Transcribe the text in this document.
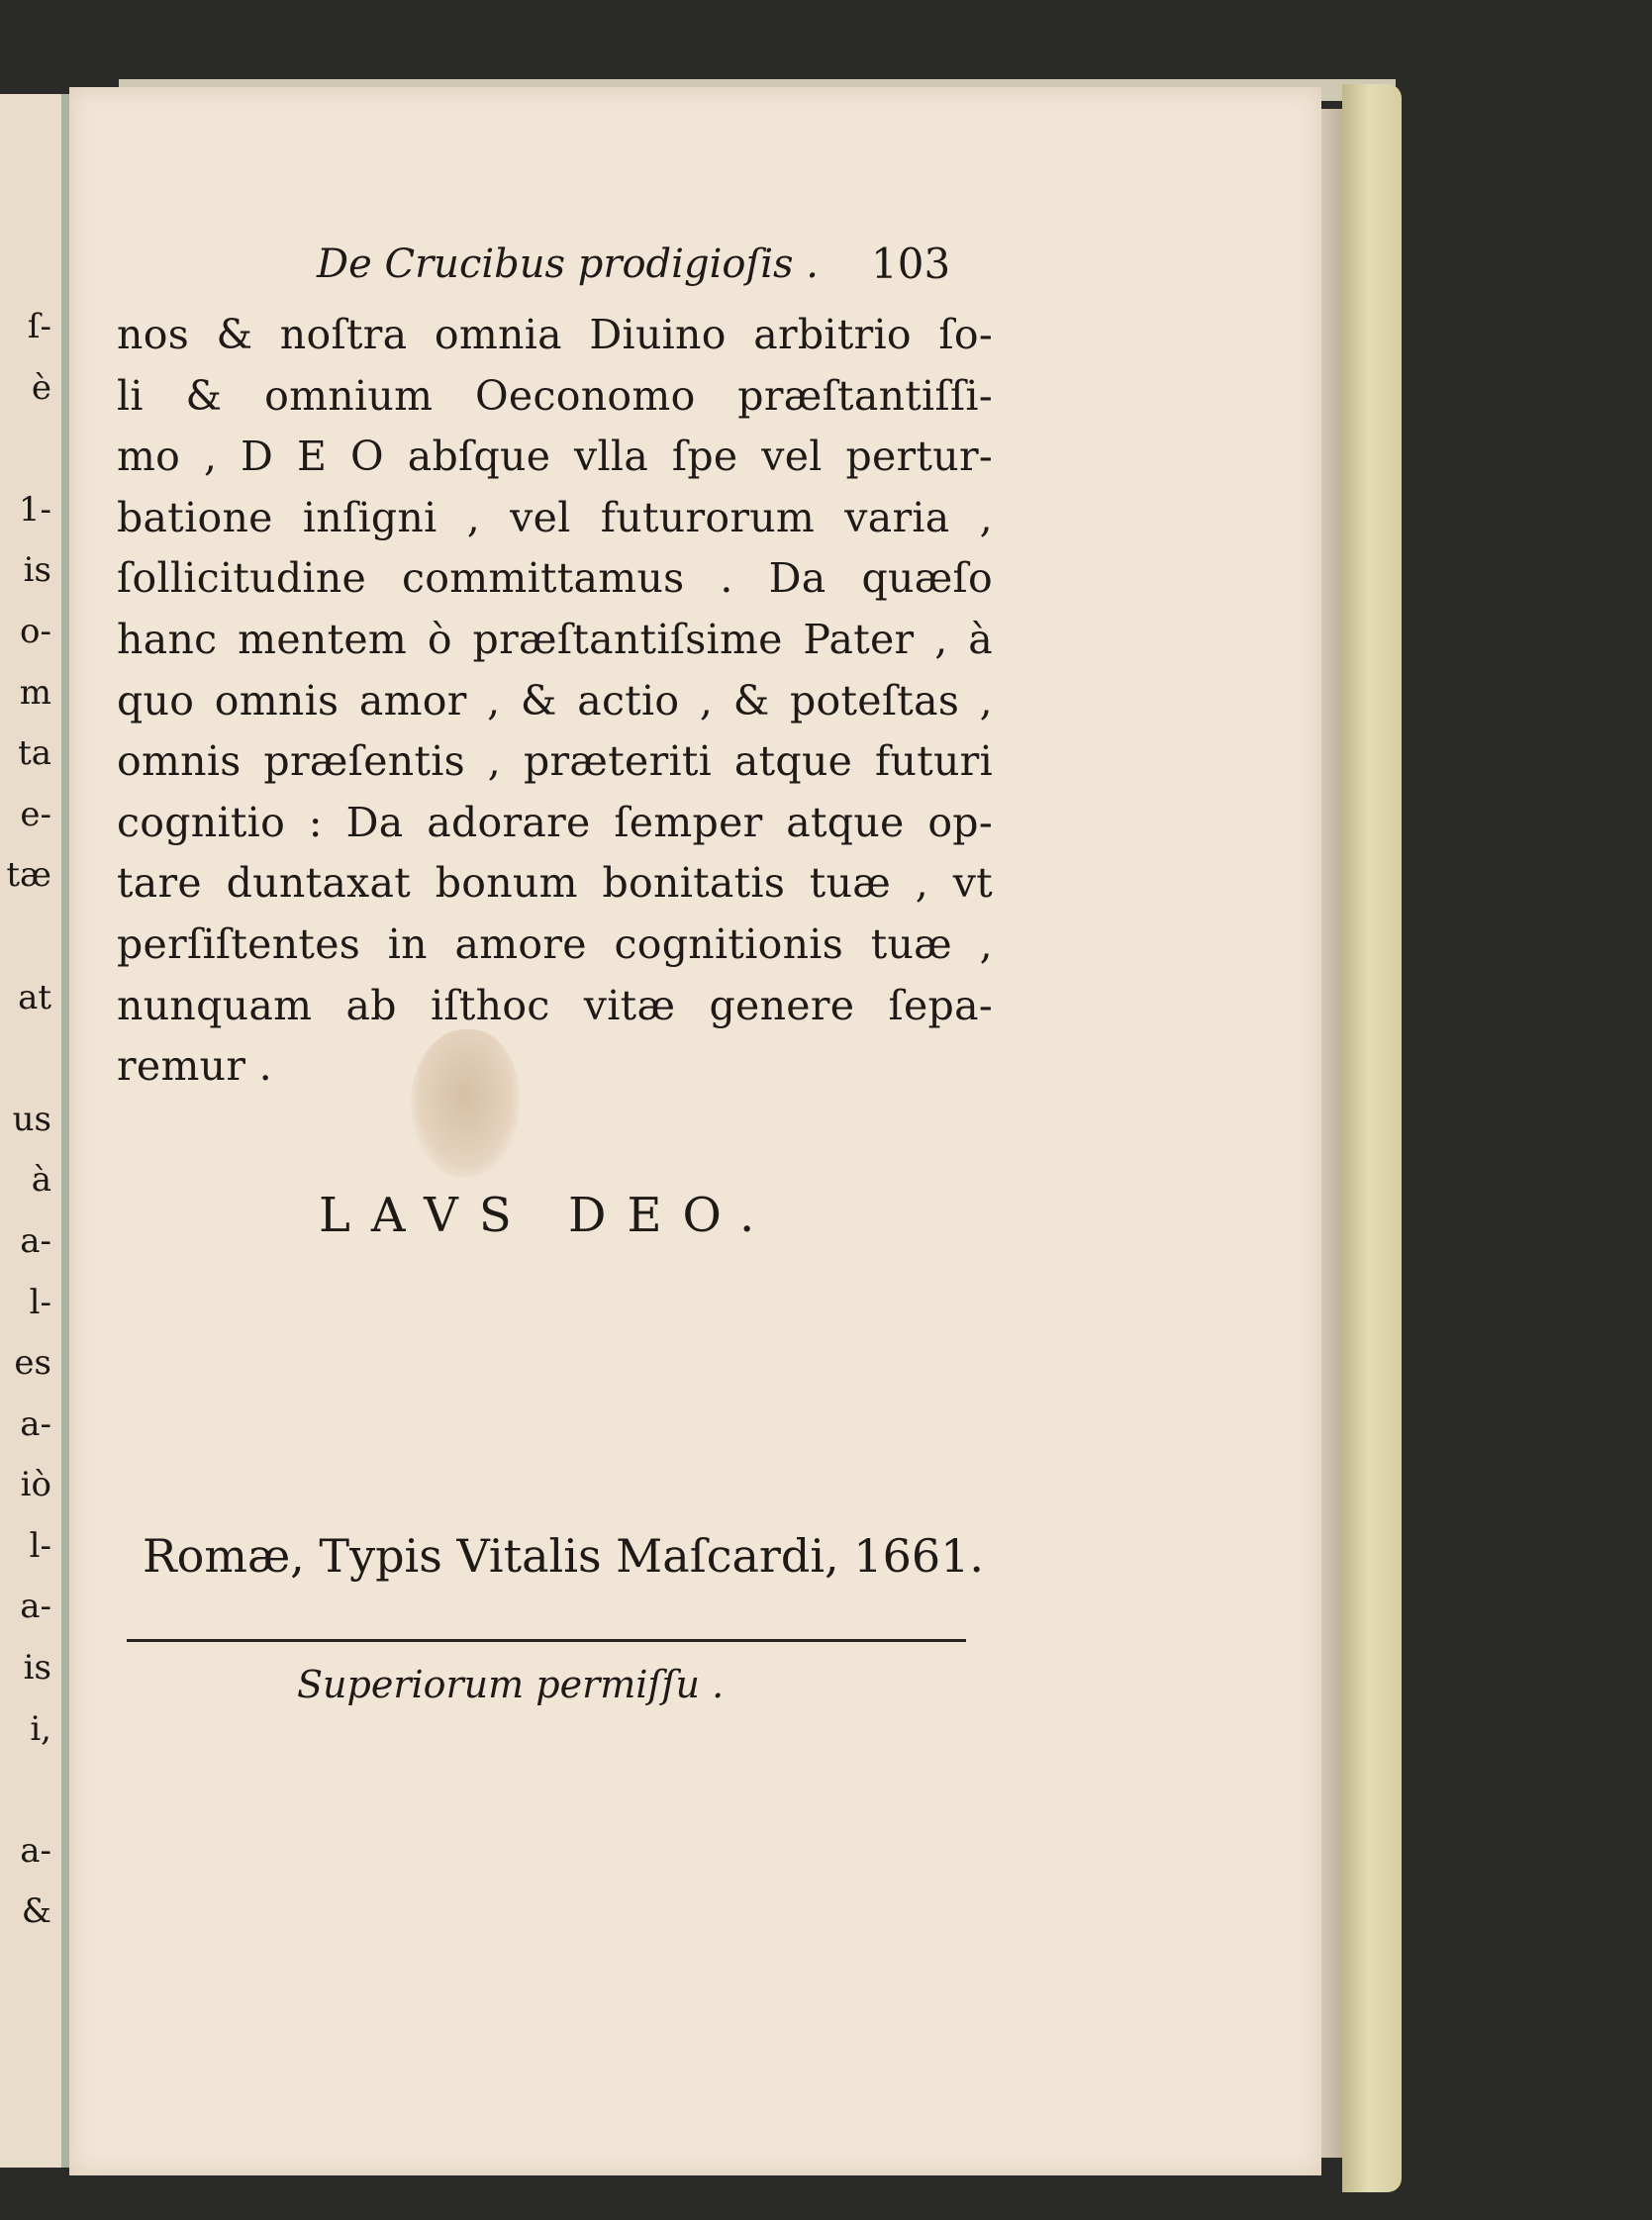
ſ-
è
1-
is
o-
m
ta
e-
tæ
at
us
à
a-
l-
es
a-
iò
l-
a-
is
i,
a-
&
De Crucibus prodigioſis .	103
nos & noſtra omnia Diuino arbitrio ſo-
li & omnium Oeconomo præſtantiſſi-
mo , D E O abſque vlla ſpe vel pertur-
batione inſigni , vel futurorum varia ,
ſollicitudine committamus . Da quæſo
hanc mentem ò præſtantiſsime Pater , à
quo omnis amor , & actio , & poteſtas ,
omnis præſentis , præteriti atque futuri
cognitio : Da adorare ſemper atque op-
tare duntaxat bonum bonitatis tuæ , vt
perſiſtentes in amore cognitionis tuæ ,
nunquam ab iſthoc vitæ genere ſepa-
remur .
LAVS DEO.
Romæ, Typis Vitalis Maſcardi, 1661.
Superiorum permiſſu .
